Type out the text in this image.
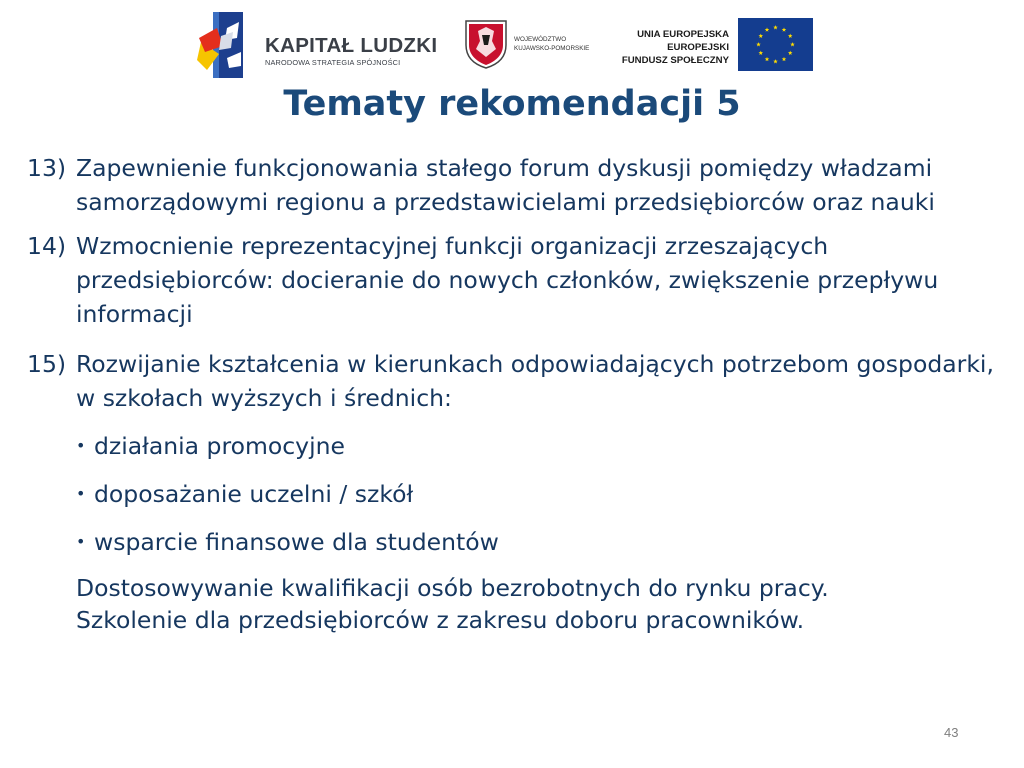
KAPITAŁ LUDZKI
NARODOWA STRATEGIA SPÓJNOŚCI
WOJEWÓDZTWO
KUJAWSKO-POMORSKIE
UNIA EUROPEJSKA
EUROPEJSKI
FUNDUSZ SPOŁECZNY
Tematy rekomendacji 5
13) Zapewnienie funkcjonowania stałego forum dyskusji pomiędzy władzami samorządowymi regionu a przedstawicielami przedsiębiorców oraz nauki
14) Wzmocnienie reprezentacyjnej funkcji organizacji zrzeszających przedsiębiorców: docieranie do nowych członków, zwiększenie przepływu informacji
15) Rozwijanie kształcenia w kierunkach odpowiadających potrzebom gospodarki, w szkołach wyższych i średnich:
• działania promocyjne
• doposażanie uczelni / szkół
• wsparcie finansowe dla studentów
Dostosowywanie kwalifikacji osób bezrobotnych do rynku pracy.
Szkolenie dla przedsiębiorców z zakresu doboru pracowników.
43
